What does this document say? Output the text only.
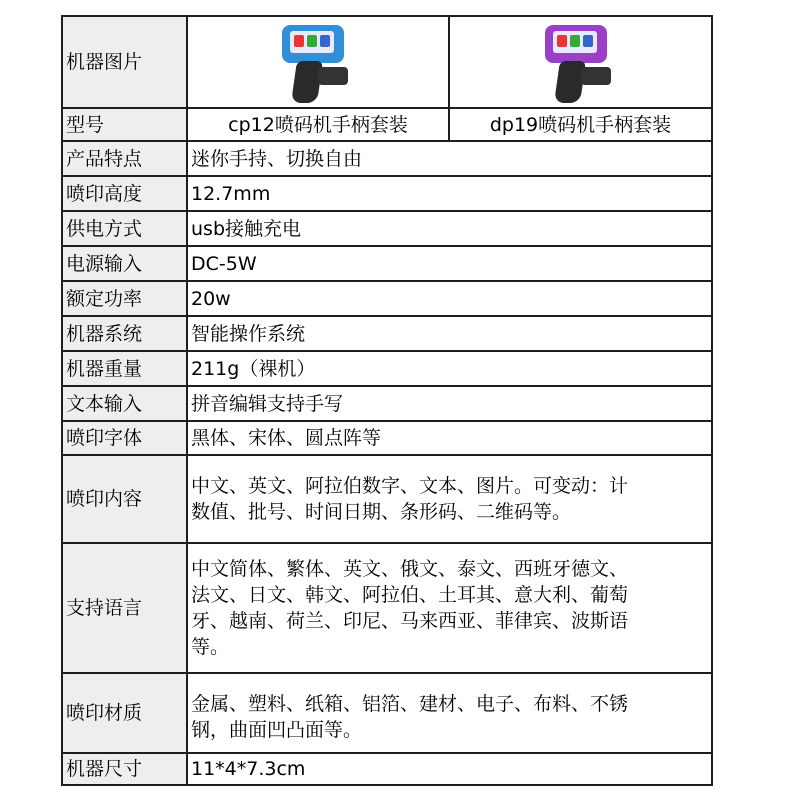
机器图片	

型号	cp12喷码机手柄套装	dp19喷码机手柄套装
产品特点	迷你手持、切换自由	
喷印高度	12.7mm	
供电方式	usb接触充电	
电源输入	DC-5W	
额定功率	20w	
机器系统	智能操作系统	
机器重量	211g（裸机）	
文本输入	拼音编辑支持手写	
喷印字体	黑体、宋体、圆点阵等	
喷印内容	中文、英文、阿拉伯数字、文本、图片。可变动：计
数值、批号、时间日期、条形码、二维码等。	

支持语言	中文简体、繁体、英文、俄文、泰文、西班牙德文、
法文、日文、韩文、阿拉伯、土耳其、意大利、葡萄
牙、越南、荷兰、印尼、马来西亚、菲律宾、波斯语
等。	

喷印材质	金属、塑料、纸箱、铝箔、建材、电子、布料、不锈
钢，曲面凹凸面等。	

机器尺寸	11*4*7.3cm	
